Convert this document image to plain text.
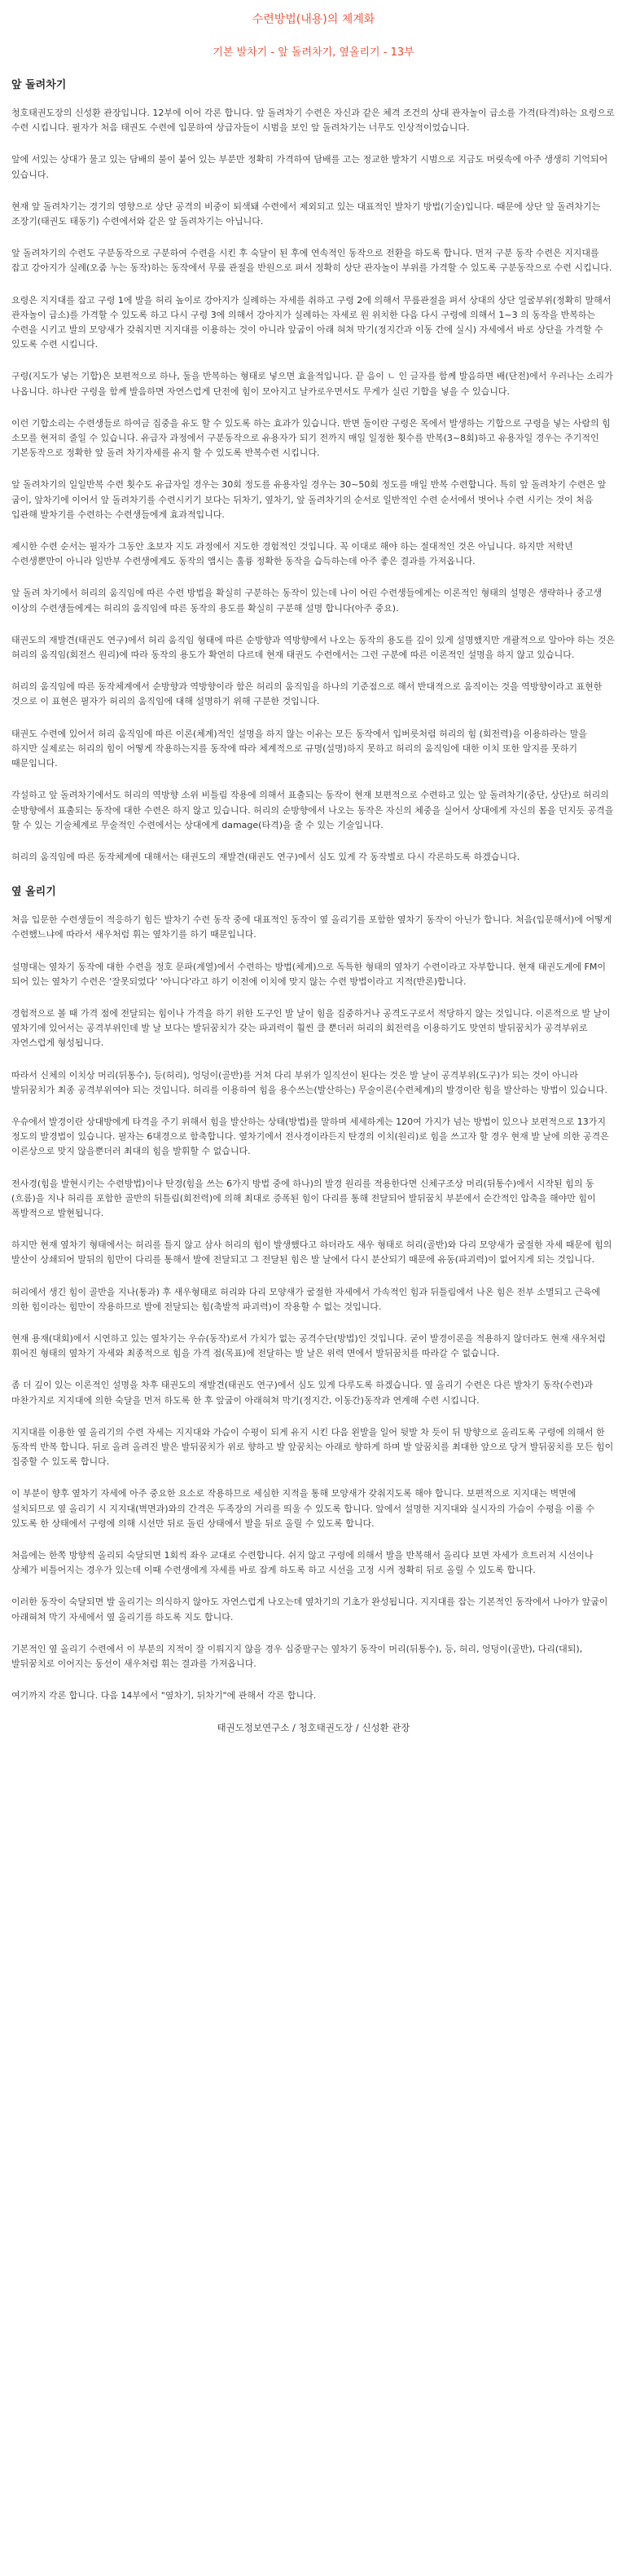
수련방법(내용)의 체계화
기본 발차기 - 앞 돌려차기, 옆올리기 - 13부
앞 돌려차기

청호태권도장의 신성환 관장입니다. 12부에 이어 각론 합니다. 앞 돌려차기 수련은 자신과 같은 체격 조건의 상대 관자놀이 급소를 가격(타격)하는 요령으로 수련 시킵니다. 필자가 처음 태권도 수련에 입문하여 상급자들이 시범을 보인 앞 돌려차기는 너무도 인상적이었습니다.

앞에 서있는 상대가 물고 있는 담배의 불이 붙어 있는 부분만 정확히 가격하여 담배를 고는 정교한 발차기 시범으로 지금도 머릿속에 아주 생생히 기억되어 있습니다.

현재 앞 돌려차기는 경기의 영향으로 상단 공격의 비중이 퇴색돼 수련에서 제외되고 있는 대표적인 발차기 방법(기술)입니다. 때문에 상단 앞 돌려차기는 조장기(태권도 태동기) 수련에서와 같은 앞 돌려차기는 아닙니다.

앞 돌려차기의 수련도 구분동작으로 구분하여 수련을 시킨 후 숙달이 된 후에 연속적인 동작으로 전환을 하도록 합니다. 먼저 구분 동작 수련은 지지대를 잡고 강아지가 실례(오줌 누는 동작)하는 동작에서 무릎 관절을 반원으로 펴서 정확히 상단 관자놀이 부위를 가격할 수 있도록 구분동작으로 수련 시킵니다.

요령은 지지대를 잡고 구령 1에 발을 허리 높이로 강아지가 실례하는 자세를 취하고 구령 2에 의해서 무릎관절을 펴서 상대의 상단 얼굴부위(정확히 말해서 관자놀이 급소)를 가격할 수 있도록 하고 다시 구령 3에 의해서 강아지가 실례하는 자세로 원 위치한 다음 다시 구령에 의해서 1~3 의 동작을 반복하는 수련을 시키고 발의 모양새가 갖춰지면 지지대를 이용하는 것이 아니라 앞굽이 아래 혀쳐 막기(정지간과 이동 간에 실시) 자세에서 바로 상단을 가격할 수 있도록 수련 시킵니다.

구령(지도가 넣는 기합)은 보편적으로 하나, 둘을 반복하는 형태로 넣으면 효율적입니다. 끝 음이 ㄴ 인 글자를 함께 발음하면 배(단전)에서 우러나는 소리가 나옵니다. 하나란 구령을 함께 발음하면 자연스럽게 단전에 힘이 모아지고 날카로우면서도 무게가 실린 기합을 넣을 수 있습니다.

이런 기합소리는 수련생들로 하여금 집중을 유도 할 수 있도록 하는 효과가 있습니다. 반면 둘이란 구령은 목에서 발생하는 기합으로 구령을 넣는 사람의 힘 소모를 현저히 줄일 수 있습니다. 유급자 과정에서 구분동작으로 유용자가 되기 전까지 매일 일정한 횟수를 반복(3~8회)하고 유용자일 경우는 주기적인 기본동작으로 정확한 앞 돌려 차기자세를 유지 할 수 있도록 반복수련 시킵니다.

앞 돌려차기의 일일반복 수련 횟수도 유급자일 경우는 30회 정도를 유용자일 경우는 30~50회 정도를 매일 반복 수련합니다. 특히 앞 돌려차기 수련은 앞 굽이, 앞차기에 이어서 앞 돌려차기를 수련시키기 보다는 뒤차기, 옆차기, 앞 돌려차기의 순서로 일반적인 수련 순서에서 벗어나 수련 시키는 것이 처음 입관해 발차기를 수련하는 수련생들에게 효과적입니다.

제시한 수련 순서는 필자가 그동안 초보자 지도 과정에서 지도한 경험적인 것입니다. 꼭 이대로 해야 하는 절대적인 것은 아닙니다. 하지만 저학년 수련생뿐만이 아니라 일반부 수련생에게도 동작의 앱시는 훌륭 정확한 동작을 습득하는데 아주 좋은 결과를 가져옵니다.

앞 돌려 차기에서 허리의 움직임에 따른 수련 방법을 확실히 구분하는 동작이 있는데 나이 어린 수련생들에게는 이론적인 형태의 설명은 생략하나 중고생 이상의 수련생들에게는 허리의 움직임에 따른 동작의 용도를 확실히 구분해 설명 합니다(아주 중요).

태권도의 재발견(태권도 연구)에서 허리 움직임 형태에 따른 순방향과 역방향에서 나오는 동작의 용도를 깊이 있게 설명했지만 개괄적으로 알아야 하는 것은 허리의 움직임(회전스 원리)에 따라 동작의 용도가 확연히 다르데 현재 태권도 수련에서는 그런 구분에 따른 이론적인 설명을 하지 않고 있습니다.

허리의 움직임에 따른 동작체계에서 순방향과 역방향이라 함은 허리의 움직임을 하나의 기준점으로 해서 반대적으로 움직이는 것을 역방향이라고 표현한 것으로 이 표현은 필자가 허리의 움직임에 대해 설명하기 위해 구분한 것입니다.

태권도 수련에 있어서 허리 움직임에 따른 이론(체계)적인 설명을 하지 않는 이유는 모든 동작에서 입버릇처럼 허리의 힘 (회전력)을 이용하라는 말을 하지만 실제로는 허리의 힘이 어떻게 작용하는지를 동작에 따라 체계적으로 규명(설명)하지 못하고 허리의 움직임에 대한 이치 또한 알지를 못하기 때문입니다.

각설하고 앞 돌려차기에서도 허리의 역방향 소위 비틀림 작용에 의해서 표출되는 동작이 현재 보편적으로 수련하고 있는 앞 돌려차기(중단, 상단)로 허리의 순방향에서 표출되는 동작에 대한 수련은 하지 않고 있습니다. 허리의 순방향에서 나오는 동작은 자신의 체중을 실어서 상대에게 자신의 몸을 던지듯 공격을 할 수 있는 기술체계로 무술적인 수련에서는 상대에게 damage(타격)을 줄 수 있는 기술입니다.

허리의 움직임에 따른 동작체계에 대해서는 태권도의 재발견(태권도 연구)에서 심도 있게 각 동작별로 다시 각론하도록 하겠습니다.

옆 올리기

처음 입문한 수련생들이 적응하기 힘든 발차기 수련 동작 중에 대표적인 동작이 옆 올리기를 포함한 옆차기 동작이 아닌가 합니다. 처음(입문해서)에 어떻게 수련했느냐에 따라서 새우처럼 휘는 옆차기를 하기 때문입니다.

설명대는 옆차기 동작에 대한 수련을 정호 문파(계열)에서 수련하는 방법(체계)으로 독특한 형태의 옆차기 수련이라고 자부합니다. 현재 태권도계에 FM이 되어 있는 옆차기 수련은 '잘못되었다' '아니다'라고 하기 이전에 이치에 맞지 않는 수련 방법이라고 지적(반론)합니다.

경험적으로 볼 때 가격 점에 전달되는 힘이나 가격을 하기 위한 도구인 발 날이 힘을 집중하거나 공격도구로서 적당하지 않는 것입니다. 이론적으로 발 날이 옆차기에 있어서는 공격부위인데 발 날 보다는 발뒤꿈치가 갖는 파괴력이 훨씬 클 뿐더러 허리의 회전력을 이용하기도 맞연히 발뒤꿈치가 공격부위로 자연스럽게 형성됩니다.

따라서 신체의 이치상 머리(뒤통수), 등(허리), 엉덩이(골반)를 거쳐 다리 부위가 일직선이 된다는 것은 발 날이 공격부위(도구)가 되는 것이 아니라 발뒤꿈치가 최종 공격부위여야 되는 것입니다. 허리를 이용하여 힘을 용수쓰는(발산하는) 무술이론(수련체계)의 발경이란 힘을 발산하는 방법이 있습니다.

우슈에서 발경이란 상대방에게 타격을 주기 위해서 힘을 발산하는 상태(방법)를 말하며 세세하게는 120여 가지가 넘는 방법이 있으나 보편적으로 13가지 정도의 발경법이 있습니다. 필자는 6대경으로 함축합니다. 옆차기에서 전사경이라든지 탄경의 이치(원리)로 힘을 쓰고자 할 경우 현재 발 날에 의한 공격은 이론상으로 맞지 않을뿐더러 최대의 힘을 발휘할 수 없습니다.

전사경(힘을 발현시키는 수련방법)이나 탄경(힘을 쓰는 6가지 방법 중에 하나)의 발경 원리를 적용한다면 신체구조상 머리(뒤통수)에서 시작된 힘의 동(흐름)을 지나 허리를 포함한 골반의 뒤틀림(회전력)에 의해 최대로 증폭된 힘이 다리를 통해 전달되어 발뒤꿈치 부분에서 순간적인 압축을 해야만 힘이 폭발적으로 발현됩니다.

하지만 현재 옆차기 형태에서는 허리를 틀지 않고 삼사 허리의 힘이 발생했다고 하더라도 새우 형태로 허리(골반)와 다리 모양새가 굴절한 자세 때문에 힘의 발산이 상쇄되어 말뒤의 힘만이 다리를 통해서 발에 전달되고 그 전달된 힘은 발 날에서 다시 분산되기 때문에 유동(파괴력)이 없어지게 되는 것입니다.

허리에서 생긴 힘이 골반을 지나(통과) 후 새우형태로 허리와 다리 모양새가 굴절한 자세에서 가속적인 힘과 뒤틀림에서 나온 힘은 전부 소멸되고 근육에 의한 힘이라는 힘만이 작용하므로 발에 전달되는 힘(축발적 파괴력)이 작용할 수 없는 것입니다.

현재 용재(대회)에서 시연하고 있는 옆차기는 우슈(동작)로서 가치가 없는 공격수단(방법)인 것입니다. 굳이 발경이론을 적용하지 않더라도 현재 새우처럼 휘어진 형태의 옆차기 자세와 최종적으로 힘을 가격 점(목표)에 전달하는 발 날은 위력 면에서 발뒤꿈치를 따라갈 수 없습니다.

좀 더 깊이 있는 이론적인 설명을 차후 태권도의 재발견(태권도 연구)에서 심도 있게 다루도록 하겠습니다. 옆 올리기 수련은 다른 발차기 동작(수련)과 마찬가지로 지지대에 의한 숙달을 먼저 하도록 한 후 앞굽이 아래혀쳐 막기(정지간, 이동간)동작과 연계해 수련 시킵니다.

지지대를 이용한 옆 올리기의 수련 자세는 지지대와 가슴이 수평이 되게 유지 시킨 다음 왼발을 일어 뒷발 차 듯이 뒤 방향으로 올리도록 구령에 의해서 한 동작씩 반복 합니다. 뒤로 올려 올려진 발은 발뒤꿈치가 위로 향하고 발 앞꿈치는 아래로 향하게 하며 발 앞꿈치를 최대한 앞으로 당겨 발뒤꿈치를 모든 힘이 집중할 수 있도록 합니다.

이 부분이 향후 옆차기 자세에 아주 중요한 요소로 작용하므로 세심한 지적을 통해 모양새가 갖춰지도록 해야 합니다. 보편적으로 지지대는 벽면에 설치되므로 옆 올리기 시 지지대(벽면과)와의 간격은 두족장의 거리를 띄울 수 있도록 합니다. 앞에서 설명한 지지대와 실시자의 가슴이 수평을 이룰 수 있도록 한 상태에서 구령에 의해 시선만 뒤로 돌린 상태에서 발을 뒤로 올릴 수 있도록 합니다.

처음에는 한쪽 방향씩 올리되 숙달되면 1회씩 좌우 교대로 수련합니다. 쉬지 않고 구령에 의해서 발을 반복해서 올리다 보면 자세가 흐트러져 시선이나 상체가 비틀어지는 경우가 있는데 이때 수련생에게 자세를 바로 잡게 하도록 하고 시선을 고정 시켜 정확히 뒤로 올릴 수 있도록 합니다.

이러한 동작이 숙달되면 발 올리기는 의식하지 않아도 자연스럽게 나오는데 옆차기의 기초가 완성됩니다. 지지대를 잡는 기본적인 동작에서 나아가 앞굽이 아래혀쳐 막기 자세에서 옆 올리기를 하도록 지도 합니다.

기본적인 옆 올리기 수련에서 이 부분의 지적이 잘 이뤄지지 않을 경우 십중팔구는 옆차기 동작이 머리(뒤통수), 등, 허리, 엉덩이(골반), 다리(대퇴), 발뒤꿈치로 이어지는 동선이 새우처럼 휘는 결과를 가져옵니다.

여기까지 각론 합니다. 다음 14부에서 "옆차기, 뒤차기"에 관해서 각론 합니다.

태권도정보연구소 / 청호태권도장 / 신성환 관장
